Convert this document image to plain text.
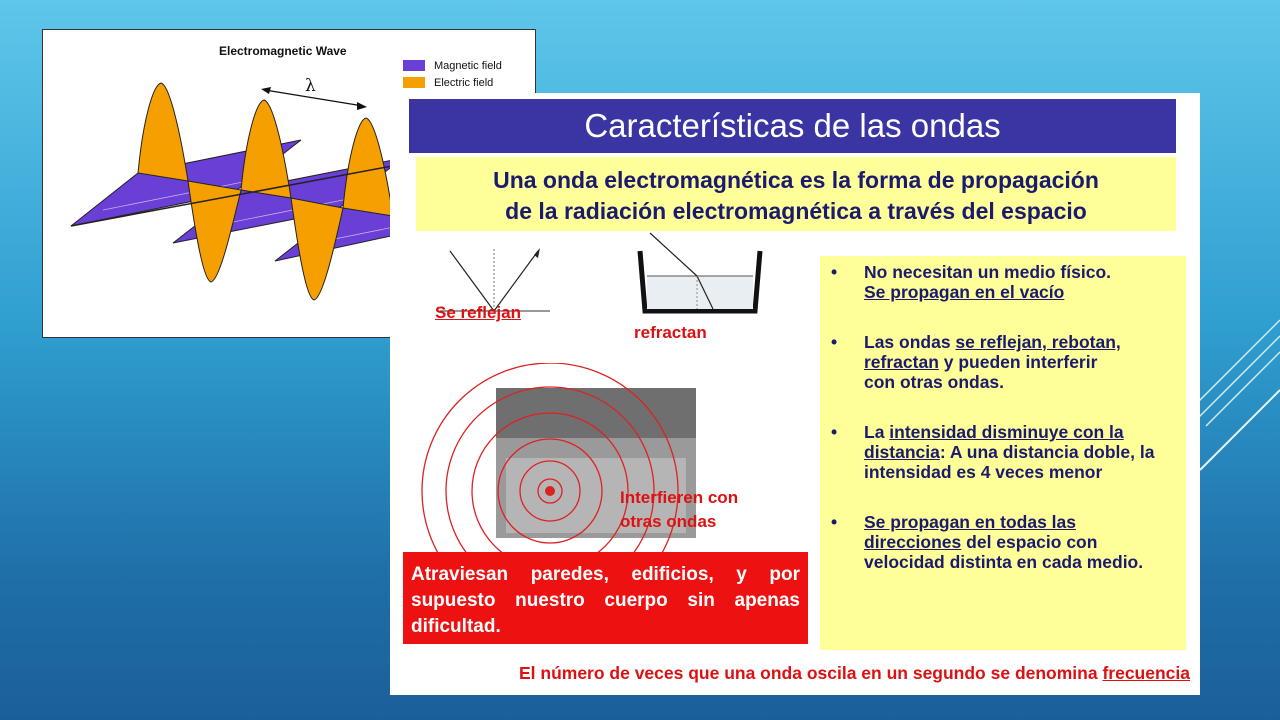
Electromagnetic Wave
λ
Magnetic field
Electric field
Características de las ondas
Una onda electromagnética es la forma de propagación
de la radiación electromagnética a través del espacio
Se reflejan
refractan
Interfieren con
otras ondas
Atraviesan paredes, edificios, y por supuesto nuestro cuerpo sin apenas dificultad.
• No necesitan un medio físico.
Se propagan en el vacío
• Las ondas se reflejan, rebotan,
refractan y pueden interferir
con otras ondas.
• La intensidad disminuye con la distancia: A una distancia doble, la intensidad es 4 veces menor
• Se propagan en todas las direcciones del espacio con velocidad distinta en cada medio.
El número de veces que una onda oscila en un segundo se denomina frecuencia
